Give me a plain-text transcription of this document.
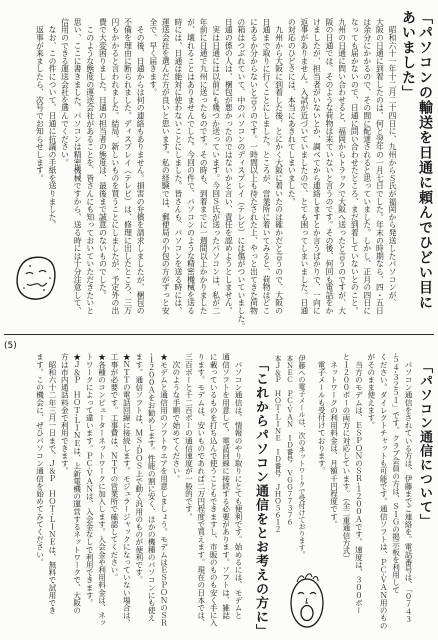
「パソコンの輸送を日通に頼んでひどい目に
あいました」
　昭和六十一年十二月二十四日に、九州からＳ氏が福岡から発送したパソコンが、
大阪の日通に到着したのは、何と翌年の一月七日でした。年末の時期なら、四・五日
は余分にかかるので、その間に配達されると思っていました。しかし、正月の四日に
なっても届かないので、日通に問い合わせたところ、まだ到着していないとのこと。
九州の日通に問い合わせると、福岡からトラックで大阪へ送ったと言うのですが、大
阪の日通では、そのような荷物は来ていないと言うのです。その後、何回も電話をか
けましたが、担当者がいないとか、調べてから連絡しますとか言うばかりで、一向に
返事がありません。入試が近づいていましたので、とても困ってしまいました。日通
の対応のひどさには、本当にあきれてしまいました。
　九州から大阪に到着した後、とにかく大阪に着いたのは確かだと言うので、大阪の
日通まで取りに行くことにしました。ところが、営業所に着いてみると、荷物はどこ
にあるか分からないと言うのです。一時間以上も待たされた上、やっと出てきた荷物
の箱はつぶれていて、中のパソコンのディスプレイ（テレビ）には傷がついていました。
日通の係の人は、梱包が悪かったのではないかと言い、責任を認めようとしません。
　実は日通には以前にも幾つか送っています。今回Ｓ氏が送ったパソコンは、私が二
年前に日通で九州に送ったものです。その時も、到着までに一週間以上かかりました
が、壊れることはありませんでした。今回の件で、パソコンのような精密機械を送る
時には、日通は絶対に使わないことにしました。皆さんも、パソコンを送る時には、
運送会社を選んだ方が良いと思います。私の経験では、郵便局の小包の方がずっと安
全で、早く届きます。
　その後、日通からは何の連絡もありません。損害の弁償を請求しましたが、梱包の
不備を理由に断られました。ディスプレイ（テレビ）は、修理に出したところ、三万
円もかかると言われました。結局、新しいものを買うことにしましたが、予定外の出
費で大変困りました。日通の担当者の態度は、最後まで誠意のないものでした。
　このような態度の運送会社があることを、皆さんにも知っておいていただきたいと
思い、ここに書きました。パソコンは精密機械ですから、送る時には十分注意して、
信用のできる運送会社を選んでください。
　なお、この件について、日通に抗議の手紙を送りました。
　返事が来ましたら、次号でお知らせします。
(5)
「パソコン通信について」
　パソコン通信をされている方は、伊藤までご連絡を。電話番号は、「０７４３
‐５４‐３２５１」です。クラブ会員の方は、ＳＩＧの掲示板を利用して
ください。ダイレクトチャットも可能です。通信ソフトは、ＰＣ‐ＶＡＮ用のもの
がそのまま使えます。
　当方のモデムは、ＥＳＰＯＮのＳＲ‐１２００Ａです。速度は、３００ボー
と１２００ボーの両方に対応しています。（全二重通信方式）
　ネットワークの利用料金は、月額千円程度です。
　電子メールも受付けております。
伊藤への電子メールは、次のネットワークで受付けております。
本ＮＥＣ　ＰＣ‐ＶＡＮ　ＩＤ番号　ＶＧＧ７７３７６
本Ｊ＆Ｐ　ＨＯＴ‐ＬＩＮＥ　ＩＤ番号　ＪＨＯ５６１２
「これからパソコン通信をとお考えの方に」
　パソコン通信は、情報のやり取りにとても便利です。始めるには、モデムと
通信ソフトを用意して、電話回線に接続する必要があります。ソフトは、雑誌
に載っているものを打ち込んで使うこともできますし、市販のものも安く手に入
ります。モデムは、安いものであれば二万円程度で買えます。現在の日本では、
三百ボーと千二百ボーの通信速度が一般的です。
　次のような手順で始めてください。
★モデムと通信用のソフトウエアを用意しましょう。モデムはＥＳＰＯＮのＳＲ
‐１２００Ａをお勧めします。性能の割に安く、ほかの機種のパソコンにも使え
ます。通信ソフトは、ＭＳ‐ＤＯＳ上で動く汎用のものが便利です。
★ＮＴＴの電話回線に接続します。モジュラージャックになっていない場合は、
工事が必要です。工事費は、ＮＴＴの営業所で確認してください。
★各種のコンピューターネットワークに加入します。入会金や利用料金は、ネッ
トワークによって違います。ＰＣ‐ＶＡＮは、入会金なしで利用できます。
★Ｊ＆Ｐ　ＨＯＴ‐ＬＩＮＥは、上新電機の運営するネットワークで、大阪の
方は市内通話料金で利用できます。
　昭和六十二年三月一日まで、Ｊ＆Ｐ　ＨＯＴ‐ＬＩＮＥは、無料で試用でき
ます。この機会に、ぜひパソコン通信を始めてみてください。
